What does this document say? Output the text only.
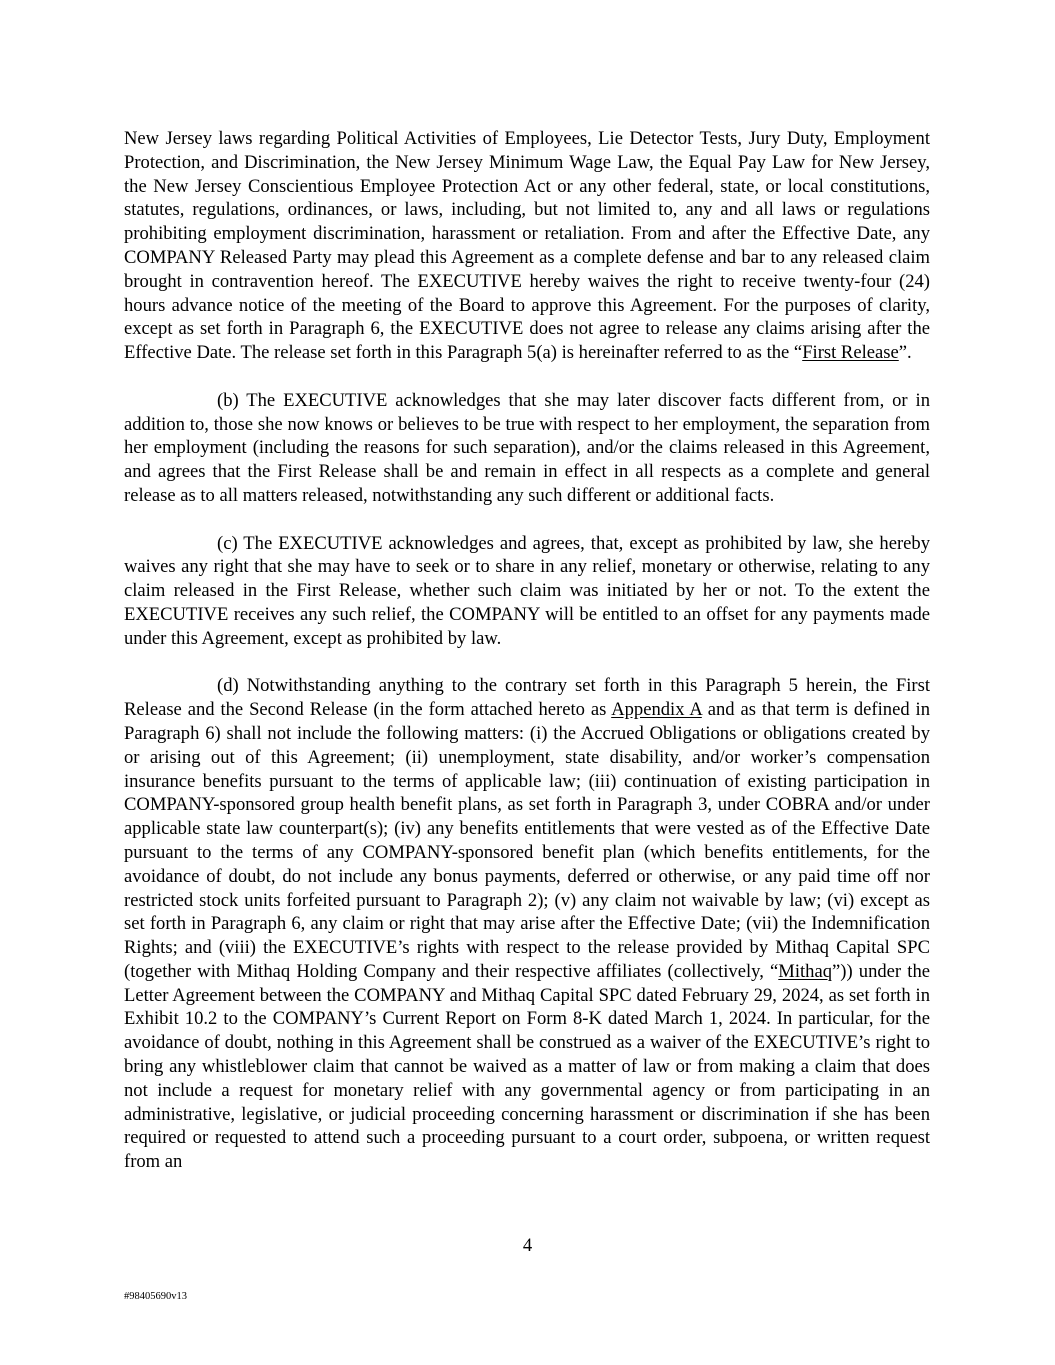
New Jersey laws regarding Political Activities of Employees, Lie Detector Tests, Jury Duty, Employment Protection, and Discrimination, the New Jersey Minimum Wage Law, the Equal Pay Law for New Jersey, the New Jersey Conscientious Employee Protection Act or any other federal, state, or local constitutions, statutes, regulations, ordinances, or laws, including, but not limited to, any and all laws or regulations prohibiting employment discrimination, harassment or retaliation. From and after the Effective Date, any COMPANY Released Party may plead this Agreement as a complete defense and bar to any released claim brought in contravention hereof. The EXECUTIVE hereby waives the right to receive twenty-four (24) hours advance notice of the meeting of the Board to approve this Agreement. For the purposes of clarity, except as set forth in Paragraph 6, the EXECUTIVE does not agree to release any claims arising after the Effective Date. The release set forth in this Paragraph 5(a) is hereinafter referred to as the “First Release”.

(b) The EXECUTIVE acknowledges that she may later discover facts different from, or in addition to, those she now knows or believes to be true with respect to her employment, the separation from her employment (including the reasons for such separation), and/or the claims released in this Agreement, and agrees that the First Release shall be and remain in effect in all respects as a complete and general release as to all matters released, notwithstanding any such different or additional facts.

(c) The EXECUTIVE acknowledges and agrees, that, except as prohibited by law, she hereby waives any right that she may have to seek or to share in any relief, monetary or otherwise, relating to any claim released in the First Release, whether such claim was initiated by her or not. To the extent the EXECUTIVE receives any such relief, the COMPANY will be entitled to an offset for any payments made under this Agreement, except as prohibited by law.

(d) Notwithstanding anything to the contrary set forth in this Paragraph 5 herein, the First Release and the Second Release (in the form attached hereto as Appendix A and as that term is defined in Paragraph 6) shall not include the following matters: (i) the Accrued Obligations or obligations created by or arising out of this Agreement; (ii) unemployment, state disability, and/or worker’s compensation insurance benefits pursuant to the terms of applicable law; (iii) continuation of existing participation in COMPANY-sponsored group health benefit plans, as set forth in Paragraph 3, under COBRA and/or under applicable state law counterpart(s); (iv) any benefits entitlements that were vested as of the Effective Date pursuant to the terms of any COMPANY-sponsored benefit plan (which benefits entitlements, for the avoidance of doubt, do not include any bonus payments, deferred or otherwise, or any paid time off nor restricted stock units forfeited pursuant to Paragraph 2); (v) any claim not waivable by law; (vi) except as set forth in Paragraph 6, any claim or right that may arise after the Effective Date; (vii) the Indemnification Rights; and (viii) the EXECUTIVE’s rights with respect to the release provided by Mithaq Capital SPC (together with Mithaq Holding Company and their respective affiliates (collectively, “Mithaq”)) under the Letter Agreement between the COMPANY and Mithaq Capital SPC dated February 29, 2024, as set forth in Exhibit 10.2 to the COMPANY’s Current Report on Form 8-K dated March 1, 2024. In particular, for the avoidance of doubt, nothing in this Agreement shall be construed as a waiver of the EXECUTIVE’s right to bring any whistleblower claim that cannot be waived as a matter of law or from making a claim that does not include a request for monetary relief with any governmental agency or from participating in an administrative, legislative, or judicial proceeding concerning harassment or discrimination if she has been required or requested to attend such a proceeding pursuant to a court order, subpoena, or written request from an

4
#98405690v13
